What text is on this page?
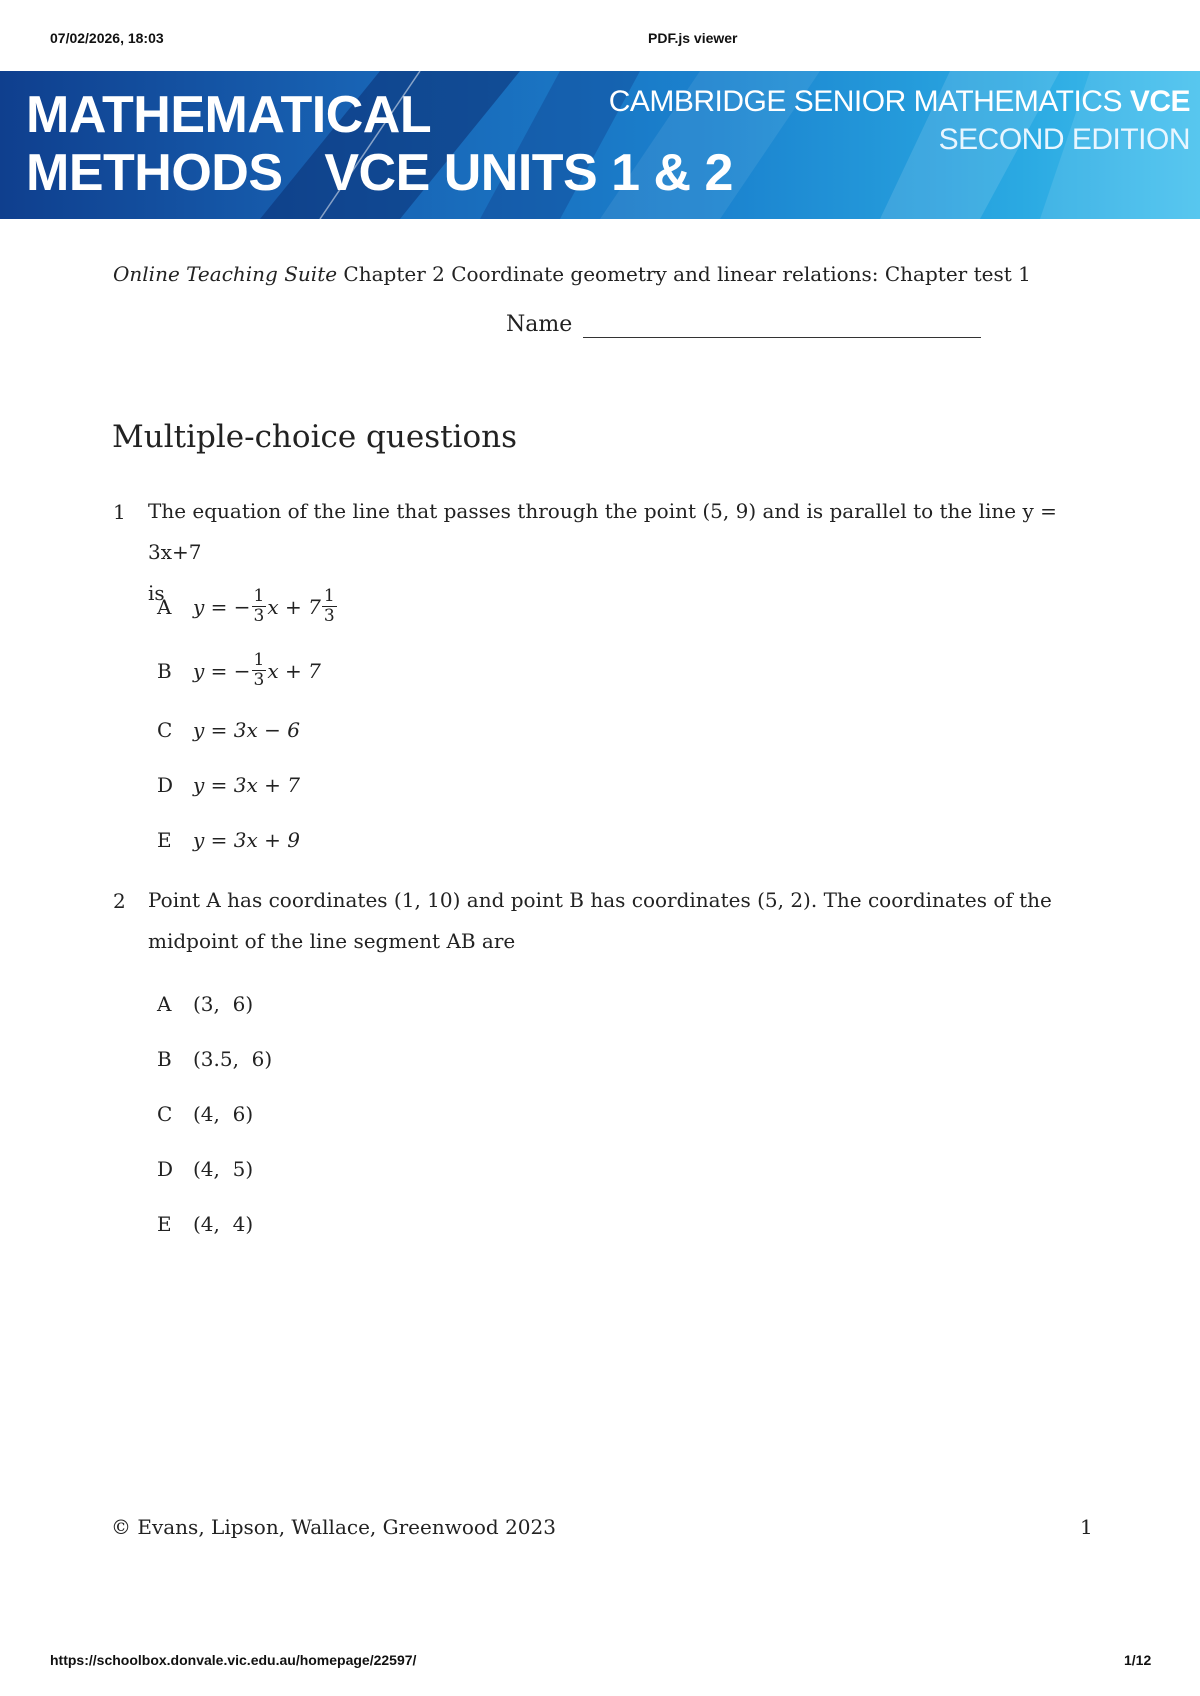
07/02/2026, 18:03	PDF.js viewer
MATHEMATICAL
METHODS   VCE UNITS 1 & 2
CAMBRIDGE SENIOR MATHEMATICS VCE
SECOND EDITION
Online Teaching Suite Chapter 2 Coordinate geometry and linear relations: Chapter test 1
Name
Multiple-choice questions
1 The equation of the line that passes through the point (5, 9) and is parallel to the line y = 3x+7
is
A	y = − $\frac{1}{3}$ $x + 7 \frac{1}{3}$
B	y = − $\frac{1}{3}$ x + 7
C	y = 3x − 6
D y = 3x + 7
E	y = 3x + 9
2 Point A has coordinates (1, 10) and point B has coordinates (5, 2). The coordinates of the
midpoint of the line segment AB are
A	(3,  6)
B	(3.5,  6)
C	(4,  6)
D (4,  5)
E	(4,  4)
© Evans, Lipson, Wallace, Greenwood 2023	1
https://schoolbox.donvale.vic.edu.au/homepage/22597/	1/12
